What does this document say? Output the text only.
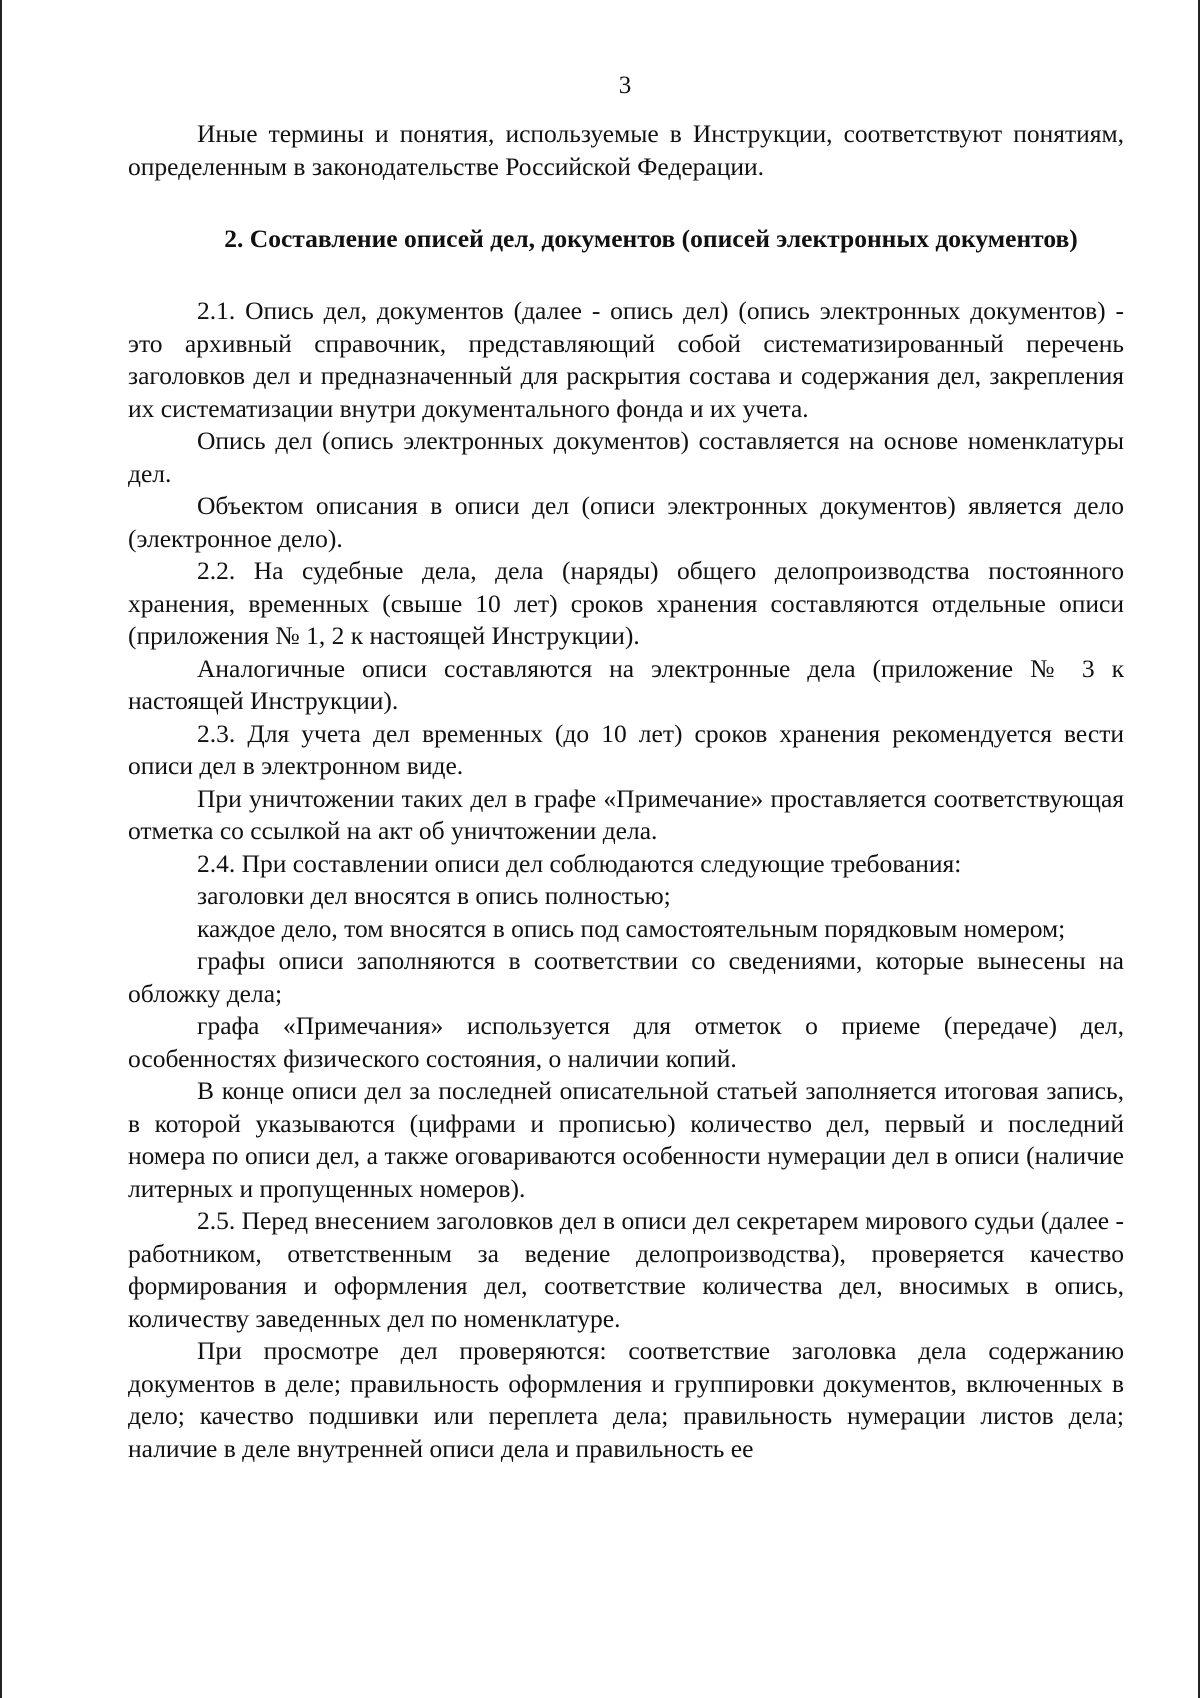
3

Иные термины и понятия, используемые в Инструкции, соответствуют понятиям, определенным в законодательстве Российской Федерации.

2. Составление описей дел, документов (описей электронных документов)

2.1. Опись дел, документов (далее - опись дел) (опись электронных документов) - это архивный справочник, представляющий собой систематизированный перечень заголовков дел и предназначенный для раскрытия состава и содержания дел, закрепления их систематизации внутри документального фонда и их учета.

Опись дел (опись электронных документов) составляется на основе номенклатуры дел.

Объектом описания в описи дел (описи электронных документов) является дело (электронное дело).

2.2. На судебные дела, дела (наряды) общего делопроизводства постоянного хранения, временных (свыше 10 лет) сроков хранения составляются отдельные описи (приложения № 1, 2 к настоящей Инструкции).

Аналогичные описи составляются на электронные дела (приложение № 3 к настоящей Инструкции).

2.3. Для учета дел временных (до 10 лет) сроков хранения рекомендуется вести описи дел в электронном виде.

При уничтожении таких дел в графе «Примечание» проставляется соответствующая отметка со ссылкой на акт об уничтожении дела.

2.4. При составлении описи дел соблюдаются следующие требования:

заголовки дел вносятся в опись полностью;

каждое дело, том вносятся в опись под самостоятельным порядковым номером;

графы описи заполняются в соответствии со сведениями, которые вынесены на обложку дела;

графа «Примечания» используется для отметок о приеме (передаче) дел, особенностях физического состояния, о наличии копий.

В конце описи дел за последней описательной статьей заполняется итоговая запись, в которой указываются (цифрами и прописью) количество дел, первый и последний номера по описи дел, а также оговариваются особенности нумерации дел в описи (наличие литерных и пропущенных номеров).

2.5. Перед внесением заголовков дел в описи дел секретарем мирового судьи (далее - работником, ответственным за ведение делопроизводства), проверяется качество формирования и оформления дел, соответствие количества дел, вносимых в опись, количеству заведенных дел по номенклатуре.

При просмотре дел проверяются: соответствие заголовка дела содержанию документов в деле; правильность оформления и группировки документов, включенных в дело; качество подшивки или переплета дела; правильность нумерации листов дела; наличие в деле внутренней описи дела и правильность ее
